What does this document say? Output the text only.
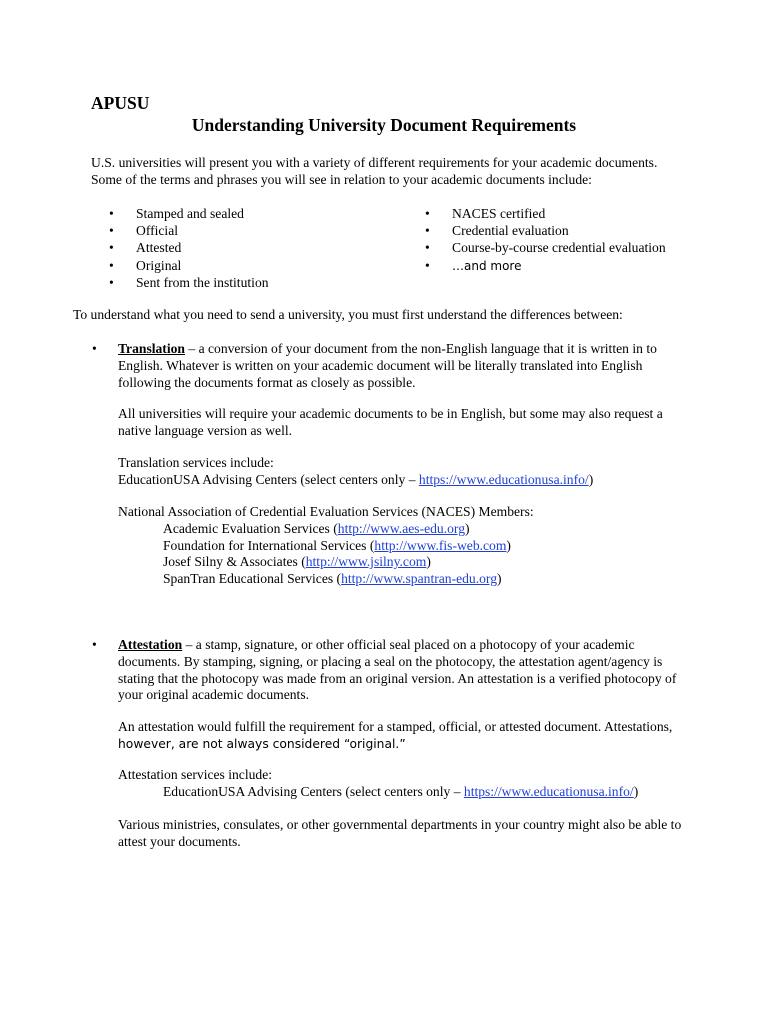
APUSU
Understanding University Document Requirements
U.S. universities will present you with a variety of different requirements for your academic documents.
Some of the terms and phrases you will see in relation to your academic documents include:
• Stamped and sealed
• Official
• Attested
• Original
• Sent from the institution
• NACES certified
• Credential evaluation
• Course-by-course credential evaluation
• …and more
To understand what you need to send a university, you must first understand the differences between:
• Translation – a conversion of your document from the non-English language that it is written in to
English. Whatever is written on your academic document will be literally translated into English
following the documents format as closely as possible.
All universities will require your academic documents to be in English, but some may also request a
native language version as well.
Translation services include:
EducationUSA Advising Centers (select centers only – https://www.educationusa.info/)
National Association of Credential Evaluation Services (NACES) Members:
Academic Evaluation Services (http://www.aes-edu.org)
Foundation for International Services (http://www.fis-web.com)
Josef Silny & Associates (http://www.jsilny.com)
SpanTran Educational Services (http://www.spantran-edu.org)
• Attestation – a stamp, signature, or other official seal placed on a photocopy of your academic
documents. By stamping, signing, or placing a seal on the photocopy, the attestation agent/agency is
stating that the photocopy was made from an original version. An attestation is a verified photocopy of
your original academic documents.
An attestation would fulfill the requirement for a stamped, official, or attested document. Attestations,
however, are not always considered “original.”
Attestation services include:
EducationUSA Advising Centers (select centers only – https://www.educationusa.info/)
Various ministries, consulates, or other governmental departments in your country might also be able to
attest your documents.
